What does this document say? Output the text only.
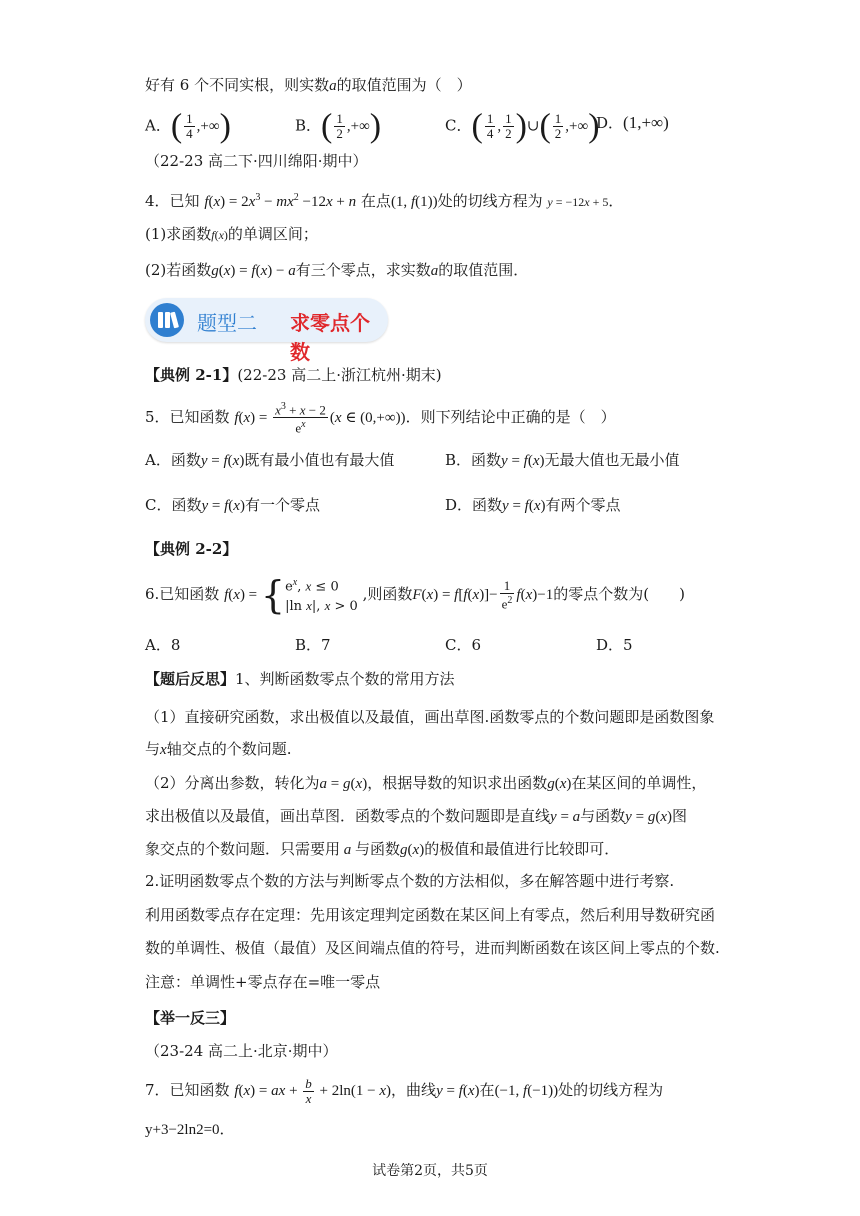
好有 6 个不同实根，则实数a的取值范围为（　）
A．( $\frac{1}{4}$ ,+∞)	B．( $\frac{1}{2}$ ,+∞)	C．( $\frac{1}{4}$ , $\frac{1}{2}$ )∪( $\frac{1}{2}$ ,+∞)
D．(1,+∞)
（22-23 高二下·四川绵阳·期中）
4．已知 $f(x) = 2x^3 - mx^2 -12x + n$ 在点(1, f(1))处的切线方程为 y = −12x + 5．
(1)求函数f(x)的单调区间；
(2)若函数g(x) = f(x) − a有三个零点，求实数a的取值范围．
题型二 求零点个数
【典例 2-1】(22-23 高二上·浙江杭州·期末)
5．已知函数 $f(x) = \frac{x^3 + x - 2}{e^x} (x$ ∈ (0,+∞))．则下列结论中正确的是（　）
A．函数y = f(x)既有最小值也有最大值	B．函数y = f(x)无最大值也无最小值
C．函数y = f(x)有一个零点	D．函数y = f(x)有两个零点
【典例 2-2】
6.已知函数 f(x) = { $e^x$, x ≤ 0
|ln x|, x > 0
,则函数$F(x) = f[f(x)]- \frac{1}{e^2} f(x)-1$的零点个数为(　　)
A．8	B．7	C．6	D．5
【题后反思】1、判断函数零点个数的常用方法
（1）直接研究函数，求出极值以及最值，画出草图.函数零点的个数问题即是函数图象
与x轴交点的个数问题.
（2）分离出参数，转化为a = g(x)，根据导数的知识求出函数g(x)在某区间的单调性，
求出极值以及最值，画出草图．函数零点的个数问题即是直线y = a与函数y = g(x)图
象交点的个数问题．只需要用 a 与函数g(x)的极值和最值进行比较即可．
2.证明函数零点个数的方法与判断零点个数的方法相似，多在解答题中进行考察.
利用函数零点存在定理：先用该定理判定函数在某区间上有零点，然后利用导数研究函
数的单调性、极值（最值）及区间端点值的符号，进而判断函数在该区间上零点的个数.
注意：单调性+零点存在=唯一零点
【举一反三】
（23-24 高二上·北京·期中）
7．已知函数 f(x) = ax + $\frac{b}{x} + 2\ln(1 - x)$，曲线y = f(x)在(−1, f(−1))处的切线方程为
y+3−2ln2=0．
试卷第2页，共5页
